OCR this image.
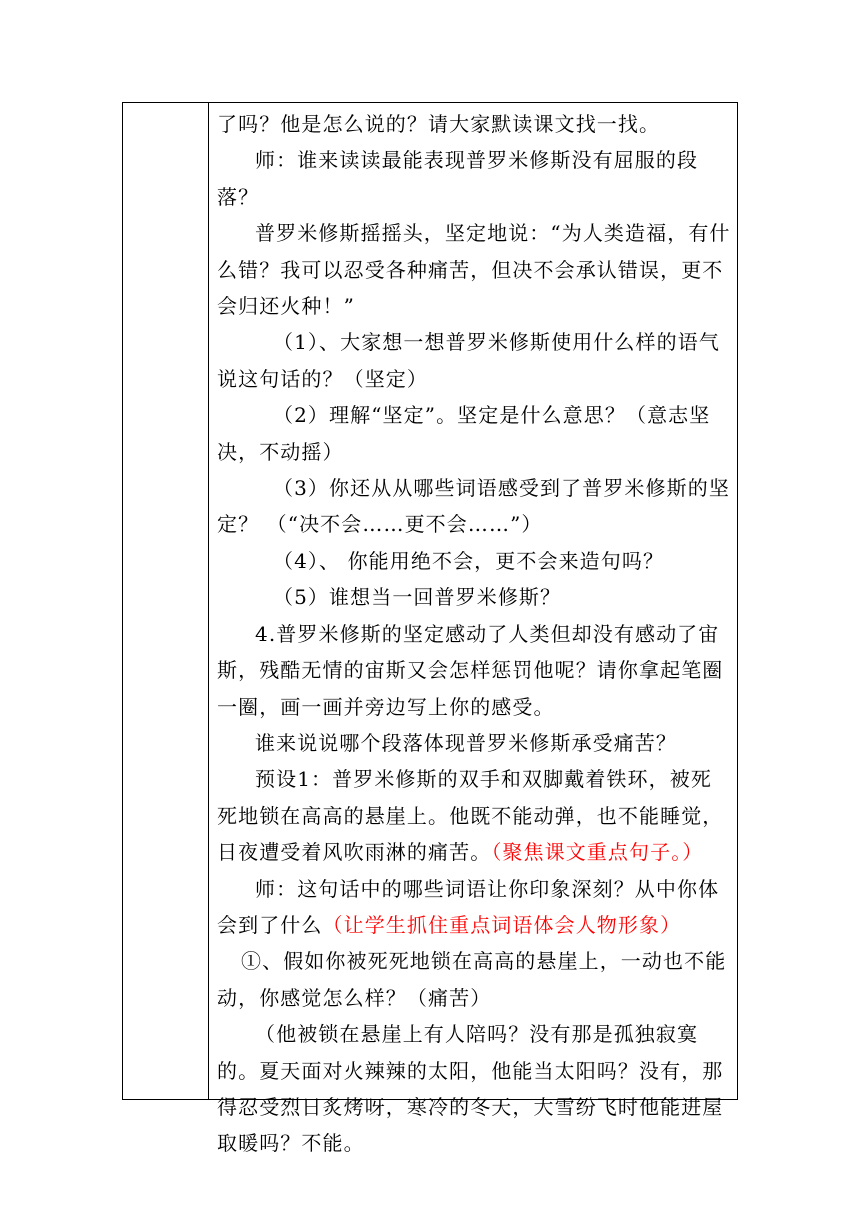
了吗？他是怎么说的？请大家默读课文找一找。

师：谁来读读最能表现普罗米修斯没有屈服的段落？

普罗米修斯摇摇头，坚定地说：“为人类造福，有什么错？我可以忍受各种痛苦，但决不会承认错误，更不会归还火种！”

（1）、大家想一想普罗米修斯使用什么样的语气说这句话的？（坚定）

（2）理解“坚定”。坚定是什么意思？（意志坚决，不动摇）

（3）你还从从哪些词语感受到了普罗米修斯的坚定？ （“决不会……更不会……”）

（4）、 你能用绝不会，更不会来造句吗？

（5）谁想当一回普罗米修斯？

4.普罗米修斯的坚定感动了人类但却没有感动了宙斯，残酷无情的宙斯又会怎样惩罚他呢？请你拿起笔圈一圈，画一画并旁边写上你的感受。

谁来说说哪个段落体现普罗米修斯承受痛苦？

预设1：普罗米修斯的双手和双脚戴着铁环，被死死地锁在高高的悬崖上。他既不能动弹，也不能睡觉，日夜遭受着风吹雨淋的痛苦。（聚焦课文重点句子。）

师：这句话中的哪些词语让你印象深刻？从中你体会到了什么（让学生抓住重点词语体会人物形象）

①、假如你被死死地锁在高高的悬崖上，一动也不能动，你感觉怎么样？（痛苦）

（他被锁在悬崖上有人陪吗？没有那是孤独寂寞的。夏天面对火辣辣的太阳，他能当太阳吗？没有，那得忍受烈日炙烤呀，寒冷的冬天，大雪纷飞时他能进屋取暖吗？不能。
